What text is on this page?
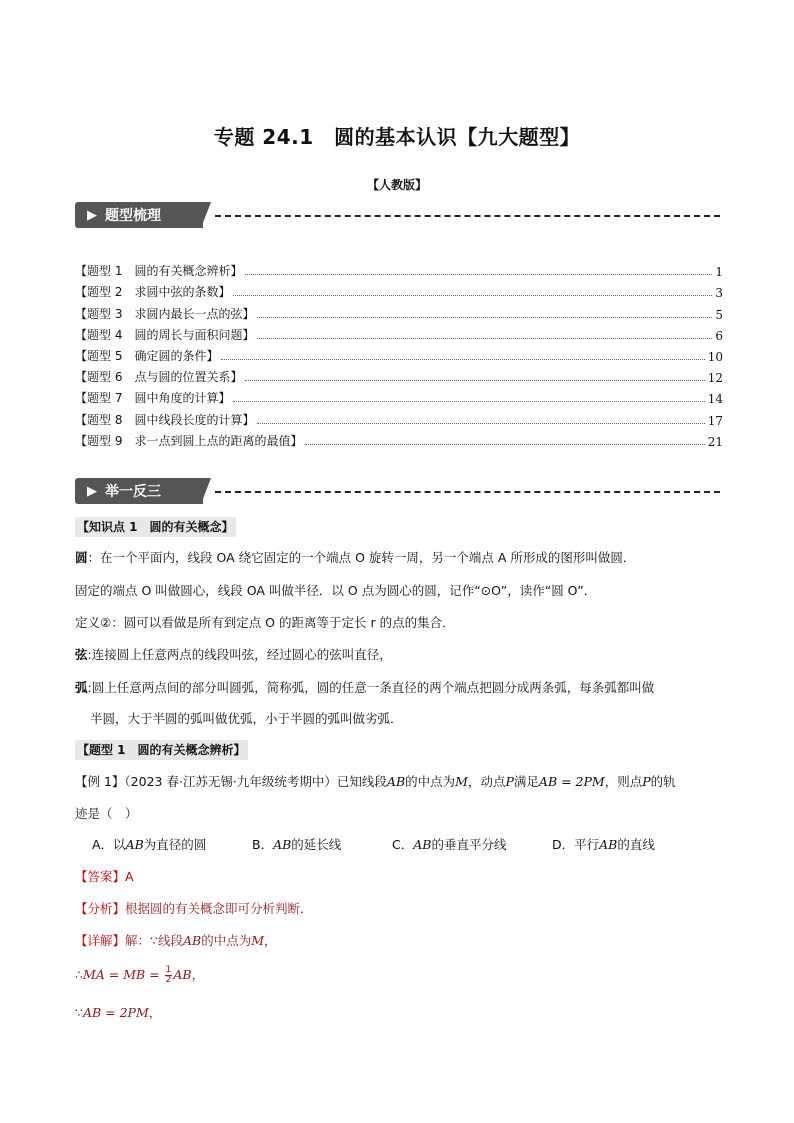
专题 24.1　圆的基本认识【九大题型】
【人教版】
▶ 题型梳理
【题型 1　圆的有关概念辨析】	1
【题型 2　求圆中弦的条数】	3
【题型 3　求圆内最长一点的弦】	5
【题型 4　圆的周长与面积问题】	6
【题型 5　确定圆的条件】	10
【题型 6　点与圆的位置关系】	12
【题型 7　圆中角度的计算】	14
【题型 8　圆中线段长度的计算】	17
【题型 9　求一点到圆上点的距离的最值】	21
▶ 举一反三
【知识点 1　圆的有关概念】
圆：在一个平面内，线段 OA 绕它固定的一个端点 O 旋转一周，另一个端点 A 所形成的图形叫做圆．
固定的端点 O 叫做圆心，线段 OA 叫做半径．以 O 点为圆心的圆，记作“⊙O”，读作“圆 O”．
定义②：圆可以看做是所有到定点 O 的距离等于定长 r 的点的集合．
弦:连接圆上任意两点的线段叫弦，经过圆心的弦叫直径，
弧:圆上任意两点间的部分叫圆弧，简称弧，圆的任意一条直径的两个端点把圆分成两条弧，每条弧都叫做
半圆，大于半圆的弧叫做优弧，小于半圆的弧叫做劣弧．
【题型 1　圆的有关概念辨析】
【例 1】（2023 春·江苏无锡·九年级统考期中）已知线段AB的中点为M，动点P满足AB = 2PM，则点P的轨
迹是（　）
A．以AB为直径的圆	B．AB的延长线	C．AB的垂直平分线	D．平行AB的直线
【答案】A
【分析】根据圆的有关概念即可分析判断．
【详解】解：∵线段AB的中点为M，
∴MA = MB = $\frac{1}{2}$ AB，
∵AB = 2PM，
